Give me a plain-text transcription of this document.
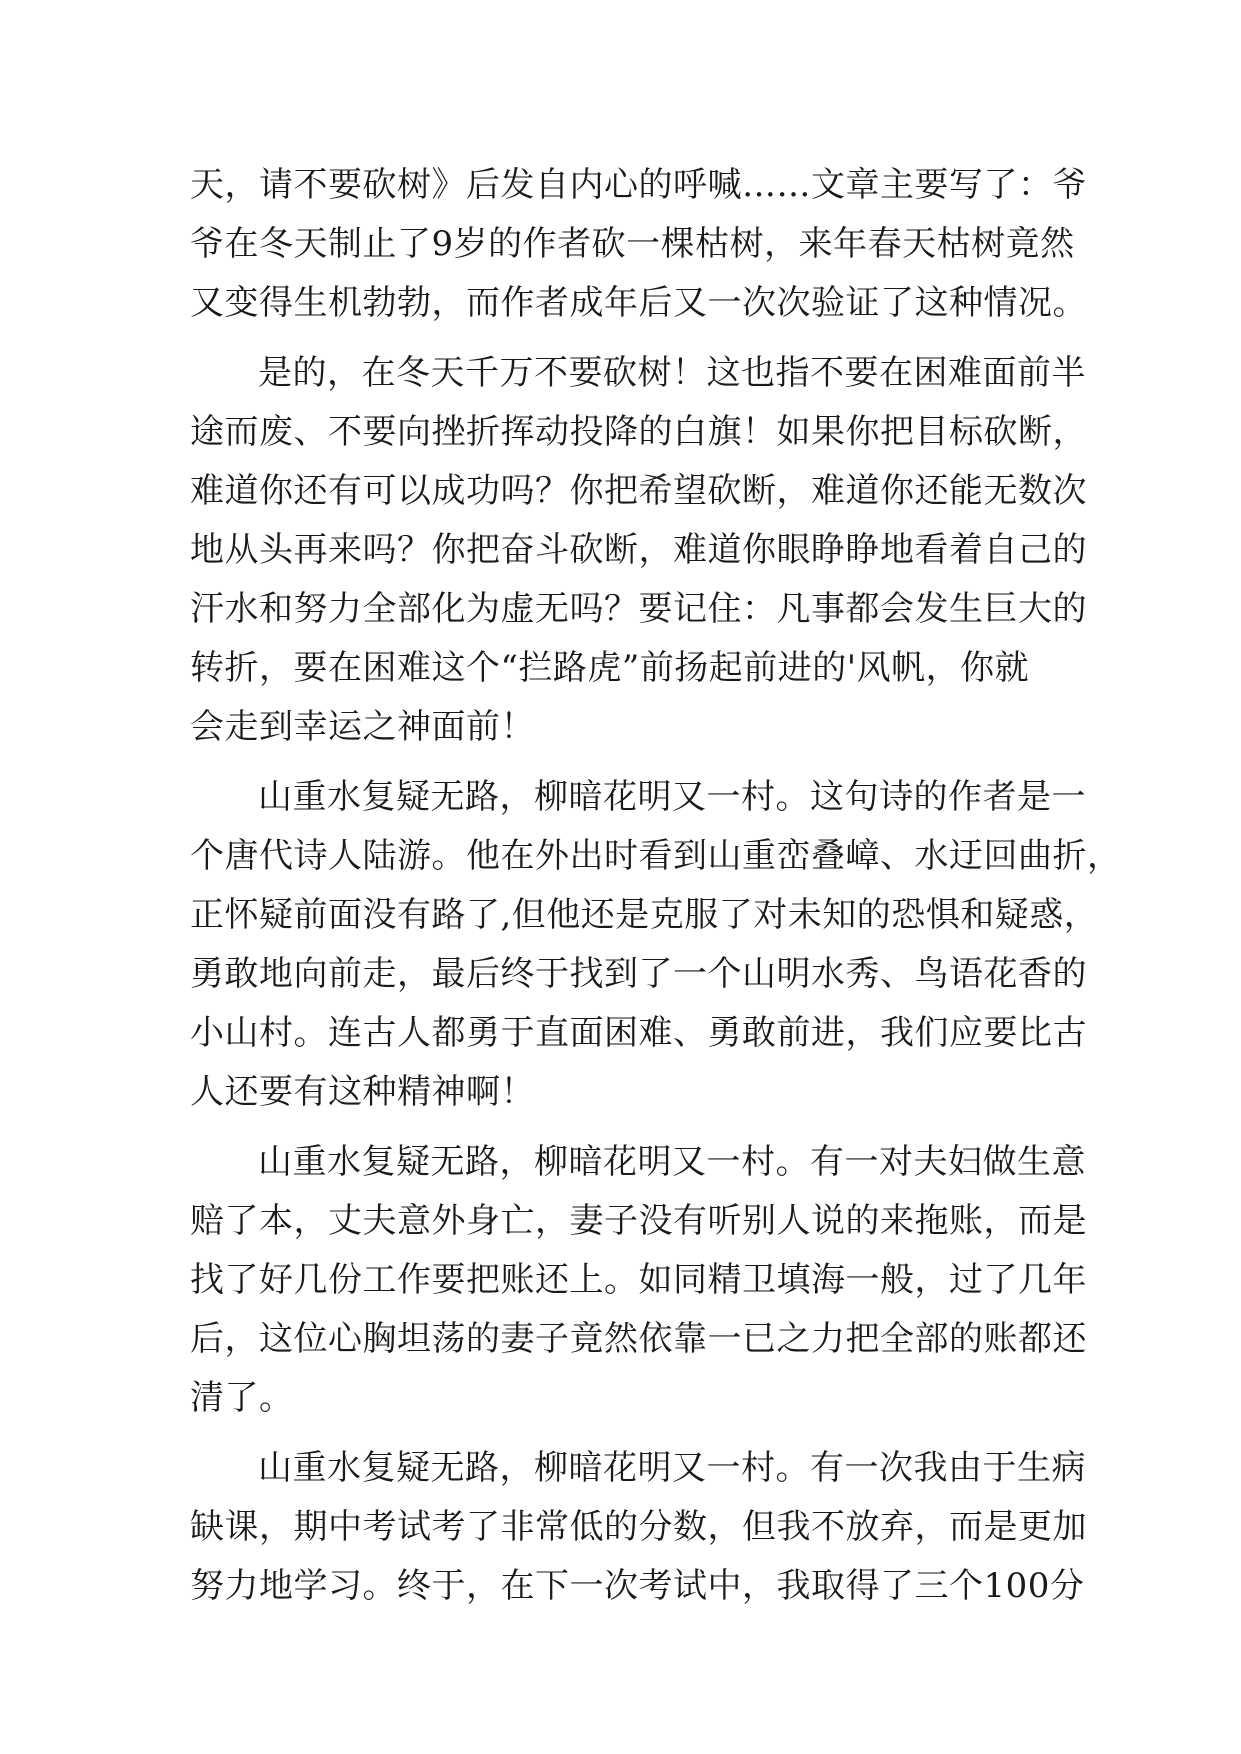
天，请不要砍树》后发自内心的呼喊……文章主要写了：爷
爷在冬天制止了9岁的作者砍一棵枯树，来年春天枯树竟然
又变得生机勃勃，而作者成年后又一次次验证了这种情况。
是的，在冬天千万不要砍树！这也指不要在困难面前半
途而废、不要向挫折挥动投降的白旗！如果你把目标砍断，
难道你还有可以成功吗？你把希望砍断，难道你还能无数次
地从头再来吗？你把奋斗砍断，难道你眼睁睁地看着自己的
汗水和努力全部化为虚无吗？要记住：凡事都会发生巨大的
转折，要在困难这个“拦路虎”前扬起前进的'风帆，你就
会走到幸运之神面前！
山重水复疑无路，柳暗花明又一村。这句诗的作者是一
个唐代诗人陆游。他在外出时看到山重峦叠嶂、水迂回曲折，
正怀疑前面没有路了,但他还是克服了对未知的恐惧和疑惑，
勇敢地向前走，最后终于找到了一个山明水秀、鸟语花香的
小山村。连古人都勇于直面困难、勇敢前进，我们应要比古
人还要有这种精神啊！
山重水复疑无路，柳暗花明又一村。有一对夫妇做生意
赔了本，丈夫意外身亡，妻子没有听别人说的来拖账，而是
找了好几份工作要把账还上。如同精卫填海一般，过了几年
后，这位心胸坦荡的妻子竟然依靠一已之力把全部的账都还
清了。
山重水复疑无路，柳暗花明又一村。有一次我由于生病
缺课，期中考试考了非常低的分数，但我不放弃，而是更加
努力地学习。终于，在下一次考试中，我取得了三个100分
